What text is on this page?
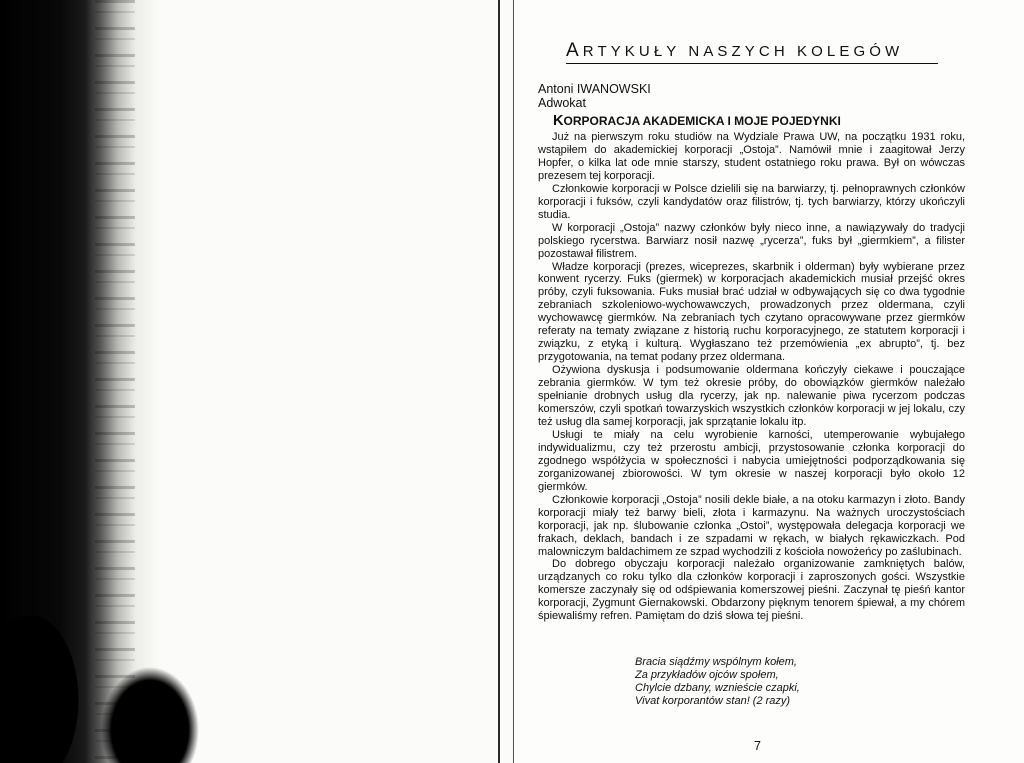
ARTYKUŁY NASZYCH KOLEGÓW
Antoni IWANOWSKI
Adwokat
KORPORACJA AKADEMICKA I MOJE POJEDYNKI

Już na pierwszym roku studiów na Wydziale Prawa UW, na początku 1931 roku, wstąpiłem do akademickiej korporacji „Ostoja”. Namówił mnie i zaagitował Jerzy Hopfer, o kilka lat ode mnie starszy, student ostatniego roku prawa. Był on wówczas prezesem tej korporacji.

Członkowie korporacji w Polsce dzielili się na barwiarzy, tj. pełnoprawnych członków korporacji i fuksów, czyli kandydatów oraz filistrów, tj. tych barwiarzy, którzy ukończyli studia.

W korporacji „Ostoja” nazwy członków były nieco inne, a nawiązywały do tradycji polskiego rycerstwa. Barwiarz nosił nazwę „rycerza”, fuks był „giermkiem”, a filister pozostawał filistrem.

Władze korporacji (prezes, wiceprezes, skarbnik i olderman) były wybierane przez konwent rycerzy. Fuks (giermek) w korporacjach akademickich musiał przejść okres próby, czyli fuksowania. Fuks musiał brać udział w odbywających się co dwa tygodnie zebraniach szkoleniowo-wychowawczych, prowadzonych przez oldermana, czyli wychowawcę giermków. Na zebraniach tych czytano opracowywane przez giermków referaty na tematy związane z historią ruchu korporacyjnego, ze statutem korporacji i związku, z etyką i kulturą. Wygłaszano też przemówienia „ex abrupto”, tj. bez przygotowania, na temat podany przez oldermana.

Ożywiona dyskusja i podsumowanie oldermana kończyły ciekawe i pouczające zebrania giermków. W tym też okresie próby, do obowiązków giermków należało spełnianie drobnych usług dla rycerzy, jak np. nalewanie piwa rycerzom podczas komerszów, czyli spotkań towarzyskich wszystkich członków korporacji w jej lokalu, czy też usług dla samej korporacji, jak sprzątanie lokalu itp.

Usługi te miały na celu wyrobienie karności, utemperowanie wybujałego indywidualizmu, czy też przerostu ambicji, przystosowanie członka korporacji do zgodnego współżycia w społeczności i nabycia umiejętności podporządkowania się zorganizowanej zbiorowości. W tym okresie w naszej korporacji było około 12 giermków.

Członkowie korporacji „Ostoja” nosili dekle białe, a na otoku karmazyn i złoto. Bandy korporacji miały też barwy bieli, złota i karmazynu. Na ważnych uroczystościach korporacji, jak np. ślubowanie członka „Ostoi”, występowała delegacja korporacji we frakach, deklach, bandach i ze szpadami w rękach, w białych rękawiczkach. Pod malowniczym baldachimem ze szpad wychodzili z kościoła nowożeńcy po zaślubinach.

Do dobrego obyczaju korporacji należało organizowanie zamkniętych balów, urządzanych co roku tylko dla członków korporacji i zaproszonych gości. Wszystkie komersze zaczynały się od odśpiewania komerszowej pieśni. Zaczynał tę pieśń kantor korporacji, Zygmunt Giernakowski. Obdarzony pięknym tenorem śpiewał, a my chórem śpiewaliśmy refren. Pamiętam do dziś słowa tej pieśni.

Bracia siądźmy wspólnym kołem,
Za przykładów ojców społem,
Chylcie dzbany, wznieście czapki,
Vivat korporantów stan! (2 razy)
7
